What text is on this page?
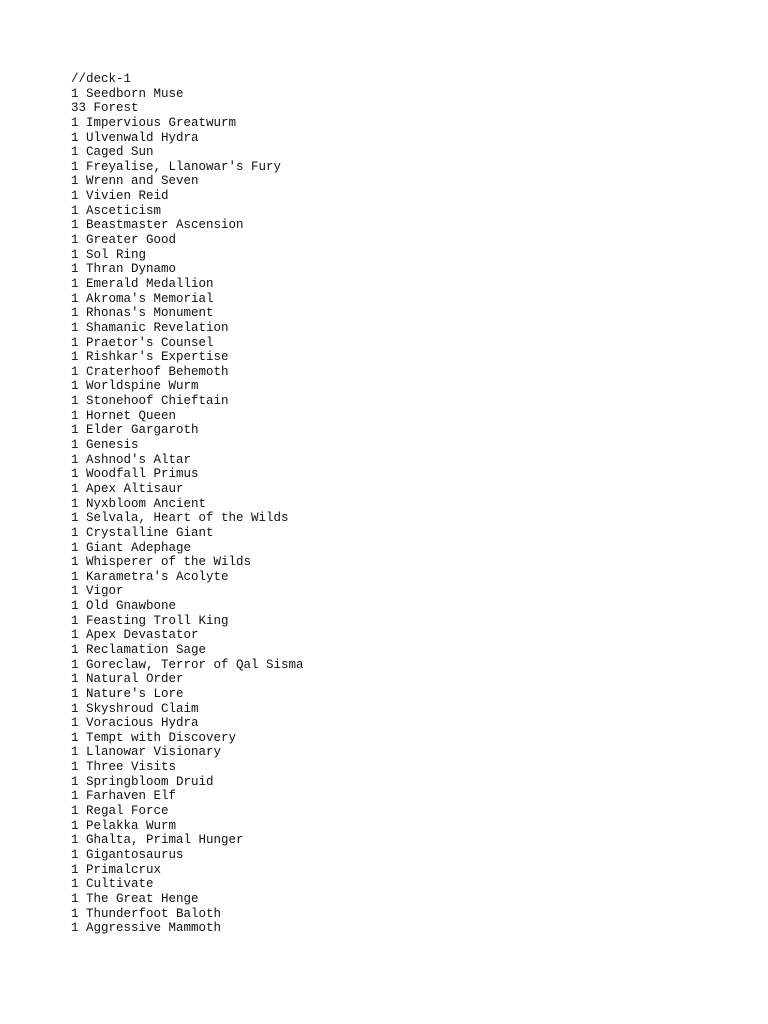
//deck-1
1 Seedborn Muse
33 Forest
1 Impervious Greatwurm
1 Ulvenwald Hydra
1 Caged Sun
1 Freyalise, Llanowar's Fury
1 Wrenn and Seven
1 Vivien Reid
1 Asceticism
1 Beastmaster Ascension
1 Greater Good
1 Sol Ring
1 Thran Dynamo
1 Emerald Medallion
1 Akroma's Memorial
1 Rhonas's Monument
1 Shamanic Revelation
1 Praetor's Counsel
1 Rishkar's Expertise
1 Craterhoof Behemoth
1 Worldspine Wurm
1 Stonehoof Chieftain
1 Hornet Queen
1 Elder Gargaroth
1 Genesis
1 Ashnod's Altar
1 Woodfall Primus
1 Apex Altisaur
1 Nyxbloom Ancient
1 Selvala, Heart of the Wilds
1 Crystalline Giant
1 Giant Adephage
1 Whisperer of the Wilds
1 Karametra's Acolyte
1 Vigor
1 Old Gnawbone
1 Feasting Troll King
1 Apex Devastator
1 Reclamation Sage
1 Goreclaw, Terror of Qal Sisma
1 Natural Order
1 Nature's Lore
1 Skyshroud Claim
1 Voracious Hydra
1 Tempt with Discovery
1 Llanowar Visionary
1 Three Visits
1 Springbloom Druid
1 Farhaven Elf
1 Regal Force
1 Pelakka Wurm
1 Ghalta, Primal Hunger
1 Gigantosaurus
1 Primalcrux
1 Cultivate
1 The Great Henge
1 Thunderfoot Baloth
1 Aggressive Mammoth
